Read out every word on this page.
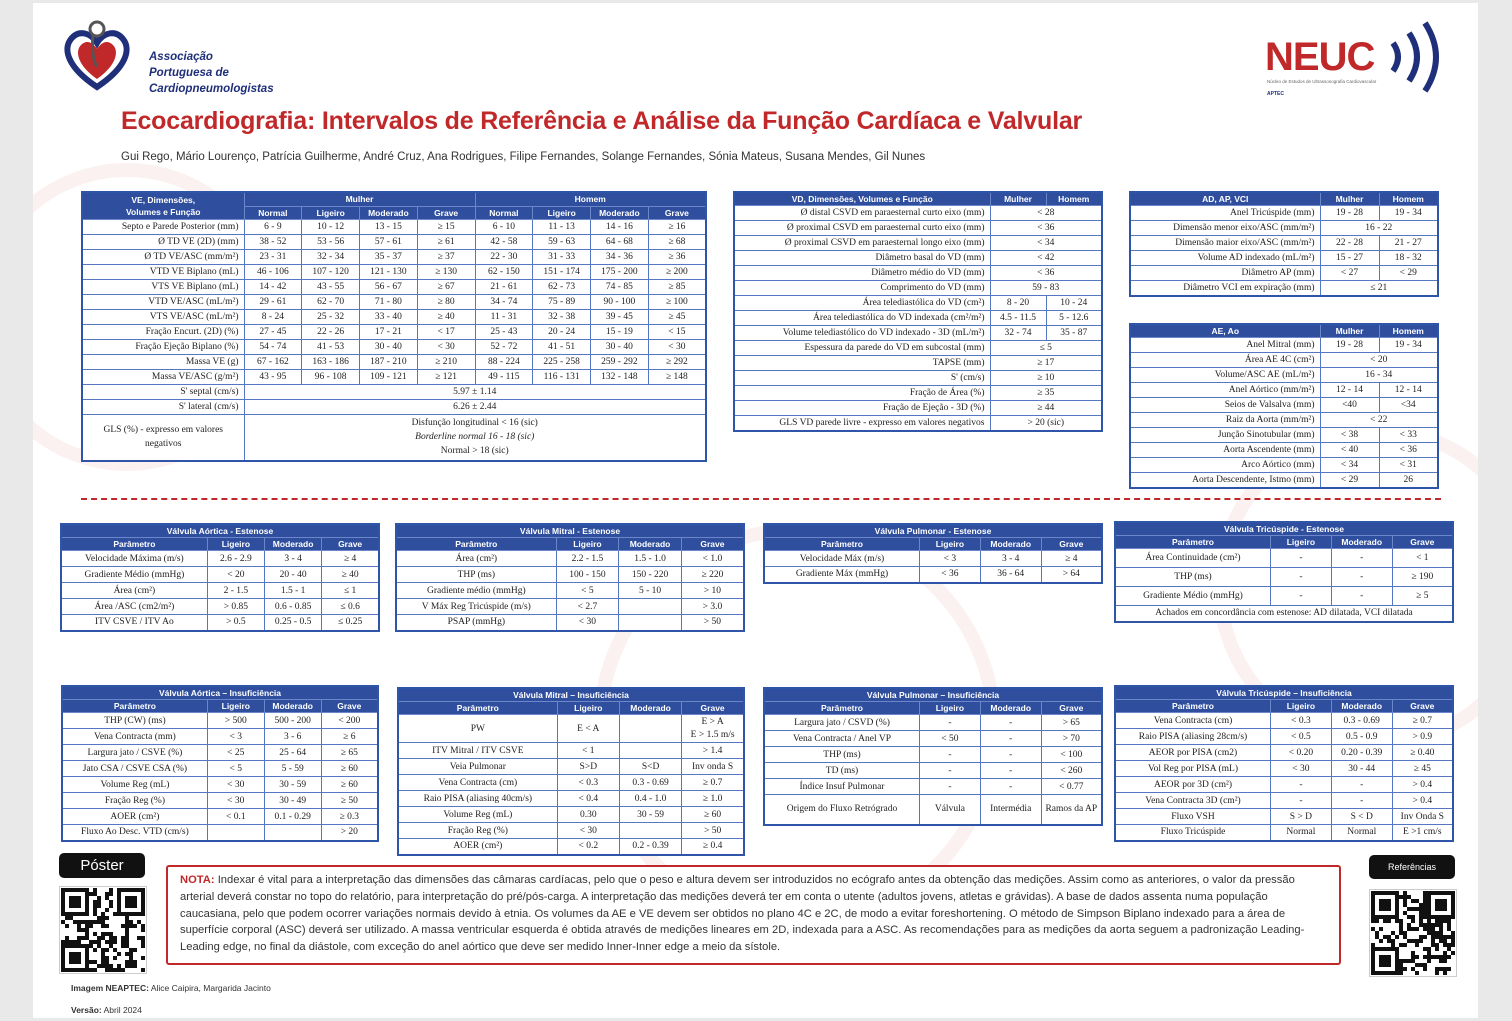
Associação
Portuguesa de
Cardiopneumologistas
NEUC
Núcleo de Estudos de Ultrassonografia Cardiovascular
APTEC
Ecocardiografia: Intervalos de Referência e Análise da Função Cardíaca e Valvular
Gui Rego, Mário Lourenço, Patrícia Guilherme, André Cruz, Ana Rodrigues, Filipe Fernandes, Solange Fernandes, Sónia Mateus, Susana Mendes, Gil Nunes
VE, Dimensões,
Volumes e Função	Mulher				Homem			
	Normal	Ligeiro	Moderado	Grave	Normal	Ligeiro	Moderado	Grave
Septo e Parede Posterior (mm)	6 - 9	10 - 12	13 - 15	≥ 15	6 - 10	11 - 13	14 - 16	≥ 16
Ø TD VE (2D) (mm)	38 - 52	53 - 56	57 - 61	≥ 61	42 - 58	59 - 63	64 - 68	≥ 68
Ø TD VE/ASC (mm/m²)	23 - 31	32 - 34	35 - 37	≥ 37	22 - 30	31 - 33	34 - 36	≥ 36
VTD VE Biplano (mL)	46 - 106	107 - 120	121 - 130	≥ 130	62 - 150	151 - 174	175 - 200	≥ 200
VTS VE Biplano (mL)	14 - 42	43 - 55	56 - 67	≥ 67	21 - 61	62 - 73	74 - 85	≥ 85
VTD VE/ASC (mL/m²)	29 - 61	62 - 70	71 - 80	≥ 80	34 - 74	75 - 89	90 - 100	≥ 100
VTS VE/ASC (mL/m²)	8 - 24	25 - 32	33 - 40	≥ 40	11 - 31	32 - 38	39 - 45	≥ 45
Fração Encurt. (2D) (%)	27 - 45	22 - 26	17 - 21	< 17	25 - 43	20 - 24	15 - 19	< 15
Fração Ejeção Biplano (%)	54 - 74	41 - 53	30 - 40	< 30	52 - 72	41 - 51	30 - 40	< 30
Massa VE (g)	67 - 162	163 - 186	187 - 210	≥ 210	88 - 224	225 - 258	259 - 292	≥ 292
Massa VE/ASC (g/m²)	43 - 95	96 - 108	109 - 121	≥ 121	49 - 115	116 - 131	132 - 148	≥ 148
S' septal (cm/s)	5.97 ± 1.14							
S' lateral (cm/s)	6.26 ± 2.44							
GLS (%) - expresso em valores negativos	Disfunção longitudinal < 16 (sic)
Borderline normal 16 - 18 (sic)
Normal > 18 (sic)							
VD, Dimensões, Volumes e Função	Mulher	Homem
Ø distal CSVD em paraesternal curto eixo (mm)	< 28	
Ø proximal CSVD em paraesternal curto eixo (mm)	< 36	
Ø proximal CSVD em paraesternal longo eixo (mm)	< 34	
Diâmetro basal do VD (mm)	< 42	
Diâmetro médio do VD (mm)	< 36	
Comprimento do VD (mm)	59 - 83	
Área telediastólica do VD (cm²)	8 - 20	10 - 24
Área telediastólica do VD indexada (cm²/m²)	4.5 - 11.5	5 - 12.6
Volume telediastólico do VD indexado - 3D (mL/m²)	32 - 74	35 - 87
Espessura da parede do VD em subcostal (mm)	≤ 5	
TAPSE (mm)	≥ 17	
S' (cm/s)	≥ 10	
Fração de Área (%)	≥ 35	
Fração de Ejeção - 3D (%)	≥ 44	
GLS VD parede livre - expresso em valores negativos	> 20 (sic)	
AD, AP, VCI	Mulher	Homem
Anel Tricúspide (mm)	19 - 28	19 - 34
Dimensão menor eixo/ASC (mm/m²)	16 - 22	
Dimensão maior eixo/ASC (mm/m²)	22 - 28	21 - 27
Volume AD indexado (mL/m²)	15 - 27	18 - 32
Diâmetro AP (mm)	< 27	< 29
Diâmetro VCI em expiração (mm)	≤ 21	
AE, Ao	Mulher	Homem
Anel Mitral (mm)	19 - 28	19 - 34
Área AE 4C (cm²)	< 20	
Volume/ASC AE (mL/m²)	16 - 34	
Anel Aórtico (mm/m²)	12 - 14	12 - 14
Seios de Valsalva (mm)	<40	<34
Raiz da Aorta (mm/m²)	< 22	
Junção Sinotubular (mm)	< 38	< 33
Aorta Ascendente (mm)	< 40	< 36
Arco Aórtico (mm)	< 34	< 31
Aorta Descendente, Istmo (mm)	< 29	26
Válvula Aórtica - Estenose			
Parâmetro	Ligeiro	Moderado	Grave
Velocidade Máxima (m/s)	2.6 - 2.9	3 - 4	≥ 4
Gradiente Médio (mmHg)	< 20	20 - 40	≥ 40
Área (cm²)	2 - 1.5	1.5 - 1	≤ 1
Área /ASC (cm2/m²)	> 0.85	0.6 - 0.85	≤ 0.6
ITV CSVE / ITV Ao	> 0.5	0.25 - 0.5	≤ 0.25
Válvula Mitral - Estenose			
Parâmetro	Ligeiro	Moderado	Grave
Área (cm²)	2.2 - 1.5	1.5 - 1.0	< 1.0
THP (ms)	100 - 150	150 - 220	≥ 220
Gradiente médio (mmHg)	< 5	5 - 10	> 10
V Máx Reg Tricúspide (m/s)	< 2.7		> 3.0
PSAP (mmHg)	< 30		> 50
Válvula Pulmonar - Estenose			
Parâmetro	Ligeiro	Moderado	Grave
Velocidade Máx (m/s)	< 3	3 - 4	≥ 4
Gradiente Máx (mmHg)	< 36	36 - 64	> 64
Válvula Tricúspide - Estenose			
Parâmetro	Ligeiro	Moderado	Grave
Área Continuidade (cm²)	-	-	< 1
THP (ms)	-	-	≥ 190
Gradiente Médio (mmHg)	-	-	≥ 5
Achados em concordância com estenose: AD dilatada, VCI dilatada			
Válvula Aórtica – Insuficiência			
Parâmetro	Ligeiro	Moderado	Grave
THP (CW) (ms)	> 500	500 - 200	< 200
Vena Contracta (mm)	< 3	3 - 6	≥ 6
Largura jato / CSVE (%)	< 25	25 - 64	≥ 65
Jato CSA / CSVE CSA (%)	< 5	5 - 59	≥ 60
Volume Reg (mL)	< 30	30 - 59	≥ 60
Fração Reg (%)	< 30	30 - 49	≥ 50
AOER (cm²)	< 0.1	0.1 - 0.29	≥ 0.3
Fluxo Ao Desc. VTD (cm/s)			> 20
Válvula Mitral – Insuficiência			
Parâmetro	Ligeiro	Moderado	Grave
PW	E < A		E > A
E > 1.5 m/s

ITV Mitral / ITV CSVE	< 1		> 1.4
Veia Pulmonar	S>D	S<D	Inv onda S
Vena Contracta (cm)	< 0.3	0.3 - 0.69	≥ 0.7
Raio PISA (aliasing 40cm/s)	< 0.4	0.4 - 1.0	≥ 1.0
Volume Reg (mL)	0.30	30 - 59	≥ 60
Fração Reg (%)	< 30		> 50
AOER (cm²)	< 0.2	0.2 - 0.39	≥ 0.4
Válvula Pulmonar – Insuficiência			
Parâmetro	Ligeiro	Moderado	Grave
Largura jato / CSVD (%)	-	-	> 65
Vena Contracta / Anel VP	< 50	-	> 70
THP (ms)	-	-	< 100
TD (ms)	-	-	< 260
Índice Insuf Pulmonar	-	-	< 0.77
Origem do Fluxo Retrógrado	Válvula	Intermédia	Ramos da AP
Válvula Tricúspide – Insuficiência			
Parâmetro	Ligeiro	Moderado	Grave
Vena Contracta (cm)	< 0.3	0.3 - 0.69	≥ 0.7
Raio PISA (aliasing 28cm/s)	< 0.5	0.5 - 0.9	> 0.9
AEOR por PISA (cm2)	< 0.20	0.20 - 0.39	≥ 0.40
Vol Reg por PISA (mL)	< 30	30 - 44	≥ 45
AEOR por 3D (cm²)	-	-	> 0.4
Vena Contracta 3D (cm²)	-	-	> 0.4
Fluxo VSH	S > D	S < D	Inv Onda S
Fluxo Tricúspide	Normal	Normal	E >1 cm/s
Póster	Referências
NOTA: Indexar é vital para a interpretação das dimensões das câmaras cardíacas, pelo que o peso e altura devem ser introduzidos no ecógrafo antes da obtenção das medições. Assim como as anteriores, o valor da pressão arterial deverá constar no topo do relatório, para interpretação do pré/pós-carga. A interpretação das medições deverá ter em conta o utente (adultos jovens, atletas e grávidas). A base de dados assenta numa população caucasiana, pelo que podem ocorrer variações normais devido à etnia. Os volumes da AE e VE devem ser obtidos no plano 4C e 2C, de modo a evitar foreshortening. O método de Simpson Biplano indexado para a área de superfície corporal (ASC) deverá ser utilizado. A massa ventricular esquerda é obtida através de medições lineares em 2D, indexada para a ASC. As recomendações para as medições da aorta seguem a padronização Leading-Leading edge, no final da diástole, com exceção do anel aórtico que deve ser medido Inner-Inner edge a meio da sístole.
Imagem NEAPTEC: Alice Caipira, Margarida Jacinto
Versão: Abril 2024
